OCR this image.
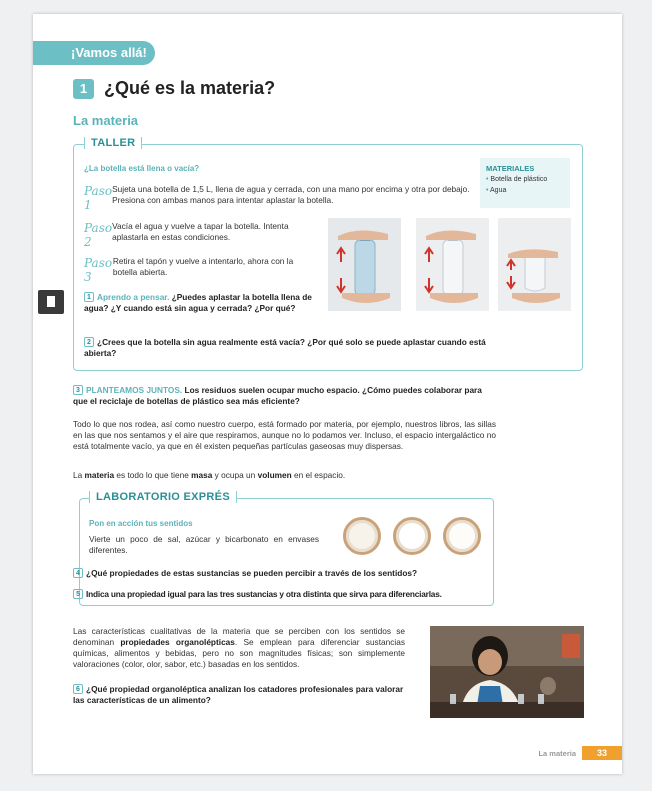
¡Vamos allá!
1 ¿Qué es la materia?
La materia
TALLER
¿La botella está llena o vacía?	MATERIALES
• Botella de plástico
• Agua
Paso 1
Sujeta una botella de 1,5 L, llena de agua y cerrada, con una mano por encima y otra por debajo. Presiona con ambas manos para intentar aplastar la botella.
Paso 2
Vacía el agua y vuelve a tapar la botella. Intenta aplastarla en estas condiciones.
Paso 3
Retira el tapón y vuelve a intentarlo, ahora con la botella abierta.
1 Aprendo a pensar. ¿Puedes aplastar la botella llena de agua? ¿Y cuando está sin agua y cerrada? ¿Por qué?
2 ¿Crees que la botella sin agua realmente está vacía? ¿Por qué solo se puede aplastar cuando está abierta?
3 PLANTEAMOS JUNTOS. Los residuos suelen ocupar mucho espacio. ¿Cómo puedes colaborar para que el reciclaje de botellas de plástico sea más eficiente?
Todo lo que nos rodea, así como nuestro cuerpo, está formado por materia, por ejemplo, nuestros libros, las sillas en las que nos sentamos y el aire que respiramos, aunque no lo podamos ver. Incluso, el espacio intergaláctico no está totalmente vacío, ya que en él existen pequeñas partículas gaseosas muy dispersas.
La materia es todo lo que tiene masa y ocupa un volumen en el espacio.
LABORATORIO EXPRÉS
Pon en acción tus sentidos
Vierte un poco de sal, azúcar y bicarbonato en envases diferentes.
4 ¿Qué propiedades de estas sustancias se pueden percibir a través de los sentidos?
5 Indica una propiedad igual para las tres sustancias y otra distinta que sirva para diferenciarlas.
Las características cualitativas de la materia que se perciben con los sentidos se denominan propiedades organolépticas. Se emplean para diferenciar sustancias químicas, alimentos y bebidas, pero no son magnitudes físicas; son simplemente valoraciones (color, olor, sabor, etc.) basadas en los sentidos.
6 ¿Qué propiedad organoléptica analizan los catadores profesionales para valorar las características de un alimento?
La materia	33
